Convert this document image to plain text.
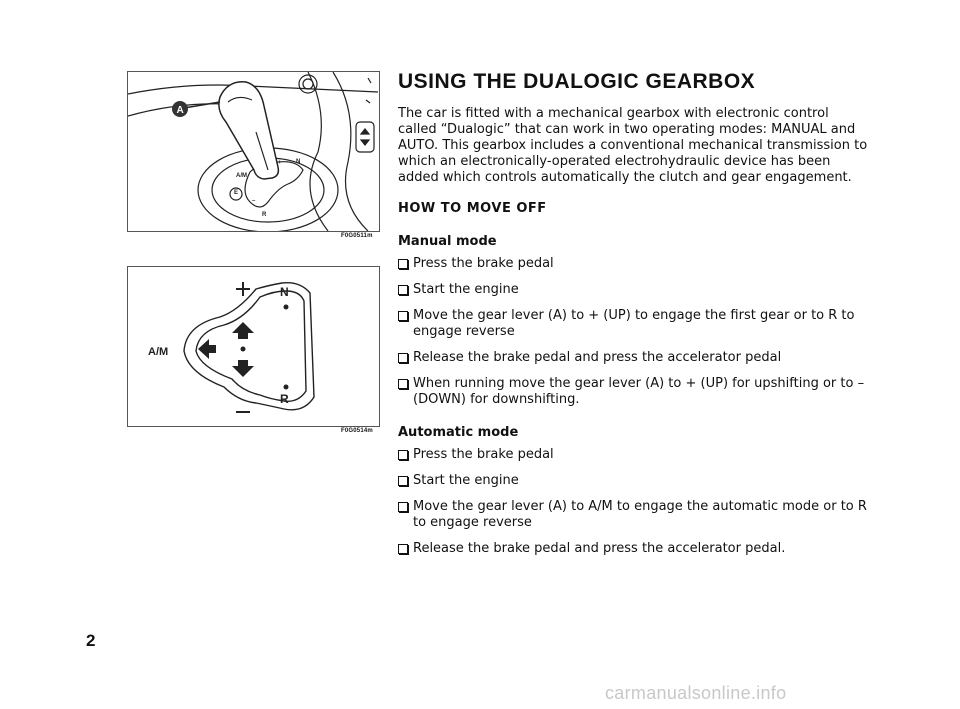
A
A/M
E
N
+
–
R
F0G0511m
N
R
A/M
F0G0514m
USING THE DUALOGIC GEARBOX

The car is fitted with a mechanical gearbox with electronic control called “Dualogic” that can work in two operating modes: MANUAL and AUTO. This gearbox includes a conventional mechanical transmission to which an electronically-operated electrohydraulic device has been added which controls automatically the clutch and gear engagement.

HOW TO MOVE OFF
Manual mode
Press the brake pedal
Start the engine
Move the gear lever (A) to + (UP) to engage the first gear or to R to engage reverse
Release the brake pedal and press the accelerator pedal
When running move the gear lever (A) to + (UP) for upshifting or to – (DOWN) for downshifting.
Automatic mode
Press the brake pedal
Start the engine
Move the gear lever (A) to A/M to engage the automatic mode or to R to engage reverse
Release the brake pedal and press the accelerator pedal.
2
carmanualsonline.info
